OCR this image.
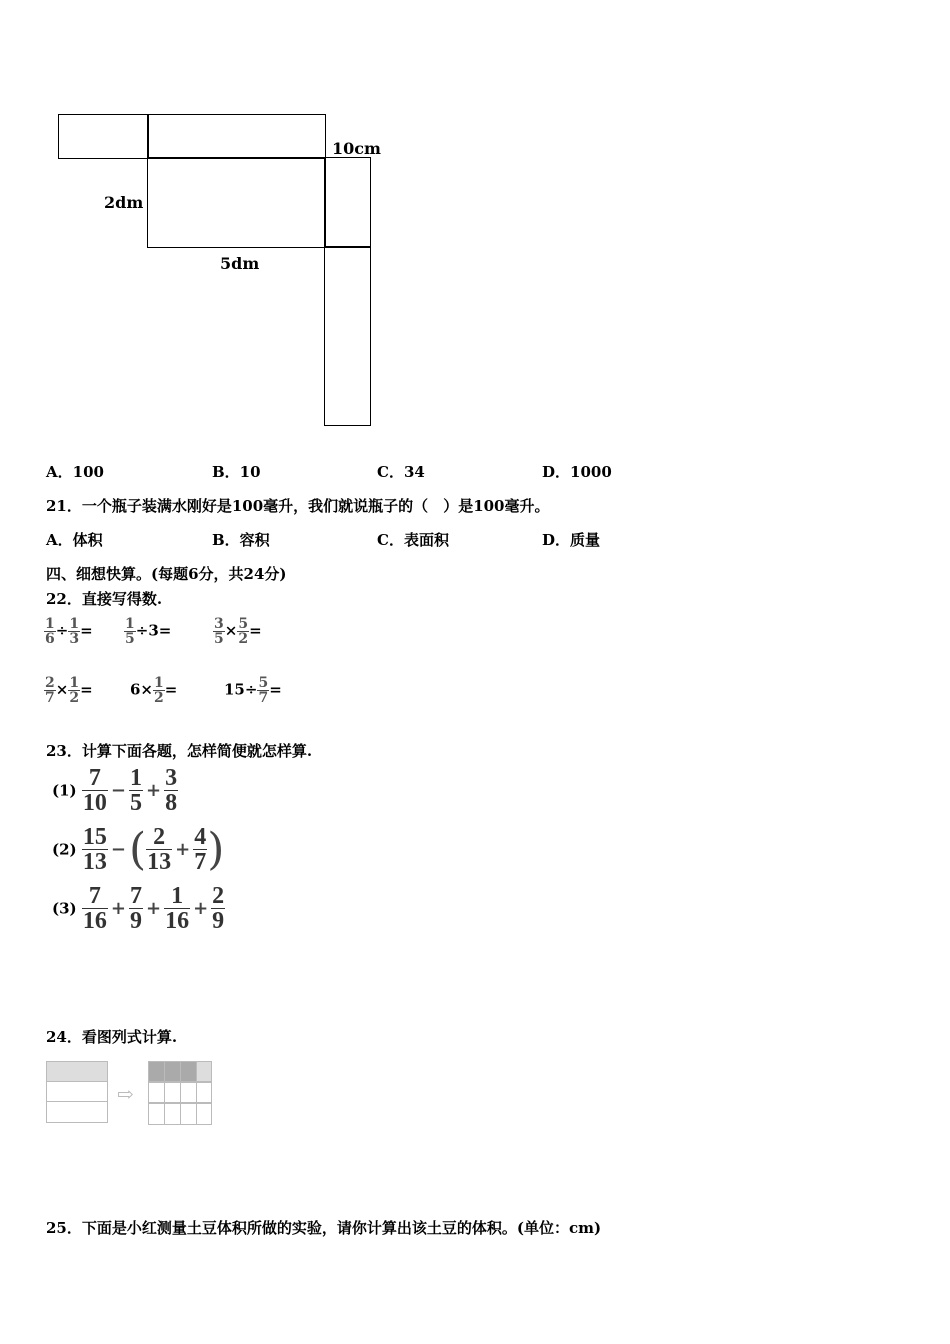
10cm
2dm
5dm
A．100	B．10	C．34	D．1000
21．一个瓶子装满水刚好是100毫升，我们就说瓶子的（　）是100毫升。
A．体积	B．容积	C．表面积	D．质量
四、细想快算。(每题6分，共24分)
22．直接写得数.
$\frac{1}{6} \div \frac{1}{3} = \frac{1}{5} \div 3=$	$\frac{3}{5} \times \frac{5}{2}$ =
$\frac{2}{7} \times \frac{1}{2} = 6\times \frac{1}{2}$ =	$15\div \frac{5}{7}$ =
23．计算下面各题，怎样简便就怎样算.
$(1) \frac{7}{10} - \frac{1}{5} + \frac{3}{8}$
$(2) \frac{15}{13}$ −( $\frac{2}{13} + \frac{4}{7}$ )
$(3) \frac{7}{16} + \frac{7}{9} + \frac{1}{16} + \frac{2}{9}$
24．看图列式计算.
⇨
25．下面是小红测量土豆体积所做的实验，请你计算出该土豆的体积。(单位：cm)
